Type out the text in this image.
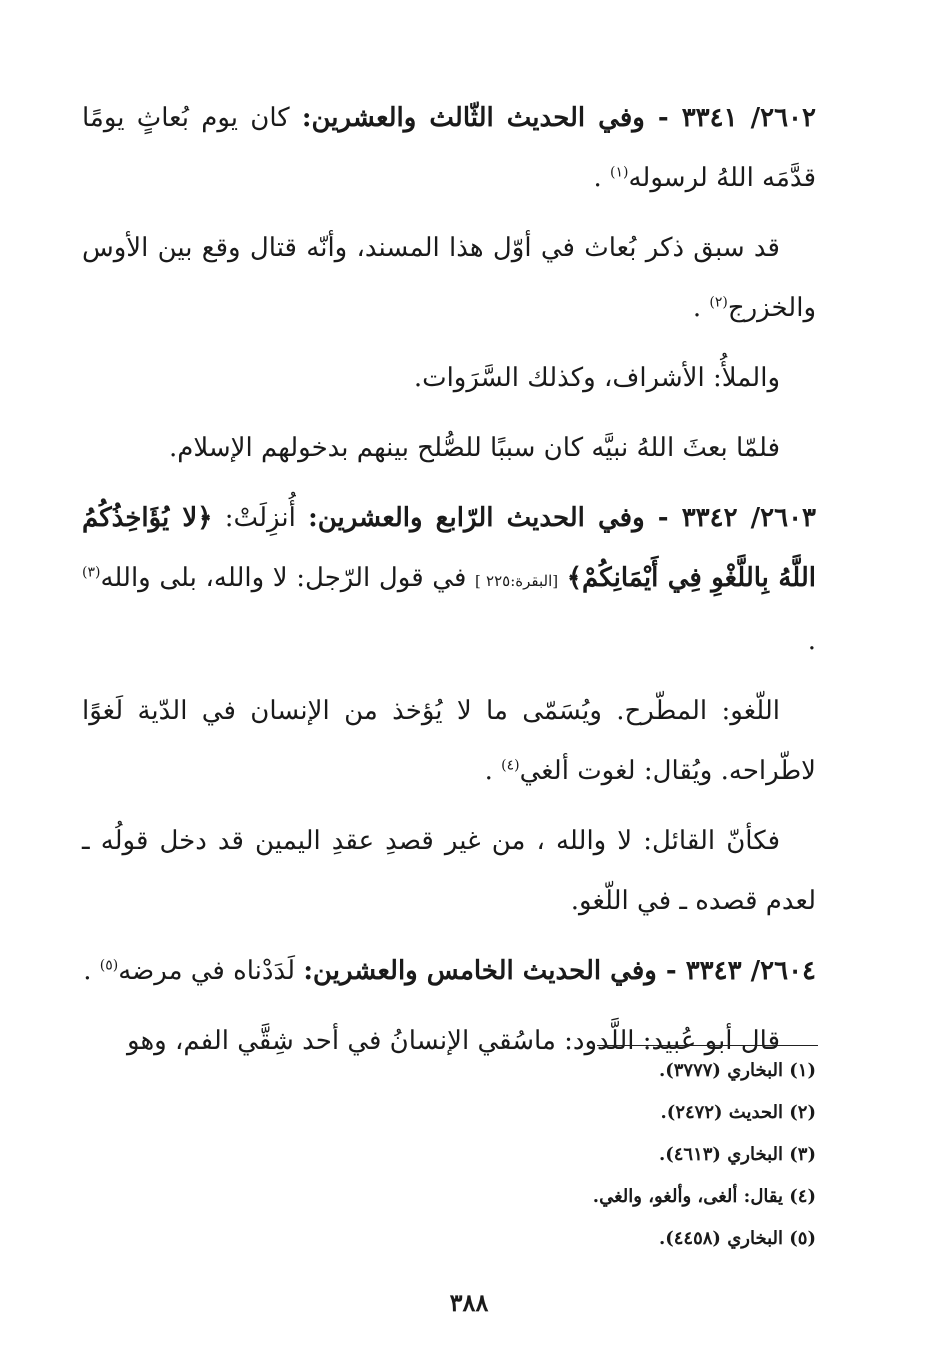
٢٦٠٢/ ٣٣٤١ - وفي الحديث الثّالث والعشرين: كان يوم بُعاثٍ يومًا قدَّمَه اللهُ لرسوله$^{(١)}$ .

قد سبق ذكر بُعاث في أوّل هذا المسند، وأنّه قتال وقع بين الأوس والخزرج$^{(٢)}$ .

والملأُ: الأشراف، وكذلك السَّرَوات.

فلمّا بعثَ اللهُ نبيَّه كان سببًا للصُّلح بينهم بدخولهم الإسلام.

٢٦٠٣/ ٣٣٤٢ - وفي الحديث الرّابع والعشرين: أُنزِلَتْ: ﴿لا يُؤَاخِذُكُمُ اللَّهُ بِاللَّغْوِ فِي أَيْمَانِكُمْ﴾ [البقرة:٢٢٥ ] في قول الرّجل: لا والله، بلى والله$^{(٣)}$ .

اللّغو: المطّرح. ويُسَمّى ما لا يُؤخذ من الإنسان في الدّية لَغوًا لاطّراحه. ويُقال: لغوت ألغي$^{(٤)}$ .

فكأنّ القائل: لا والله ، من غير قصدِ عقدِ اليمين قد دخل قولُه ـ لعدم قصده ـ في اللّغو.

٢٦٠٤/ ٣٣٤٣ - وفي الحديث الخامس والعشرين: لَدَدْناه في مرضه$^{(٥)}$ .

قال أبو عُبيد: اللَّدود: ماسُقي الإنسانُ في أحد شِقَّي الفم، وهو

(١) البخاري (٣٧٧٧).

(٢) الحديث (٢٤٧٢).

(٣) البخاري (٤٦١٣).

(٤) يقال: ألغى، وألغو، والغي.

(٥) البخاري (٤٤٥٨).

٣٨٨
